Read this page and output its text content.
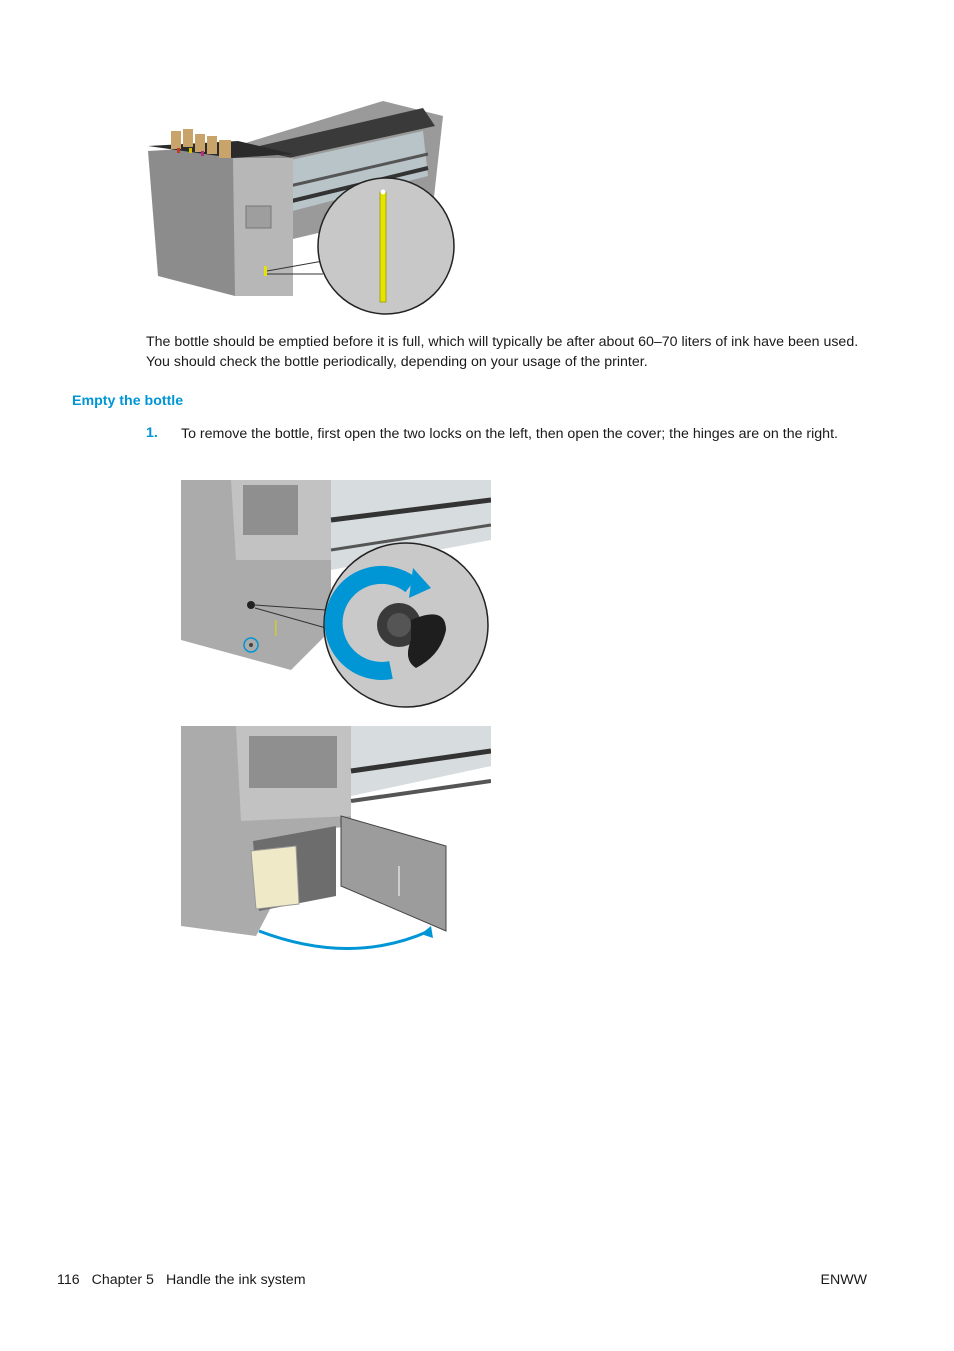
The bottle should be emptied before it is full, which will typically be after about 60–70 liters of ink have been used. You should check the bottle periodically, depending on your usage of the printer.
Empty the bottle
1. To remove the bottle, first open the two locks on the left, then open the cover; the hinges are on the right.
116 Chapter 5 Handle the ink system	ENWW
